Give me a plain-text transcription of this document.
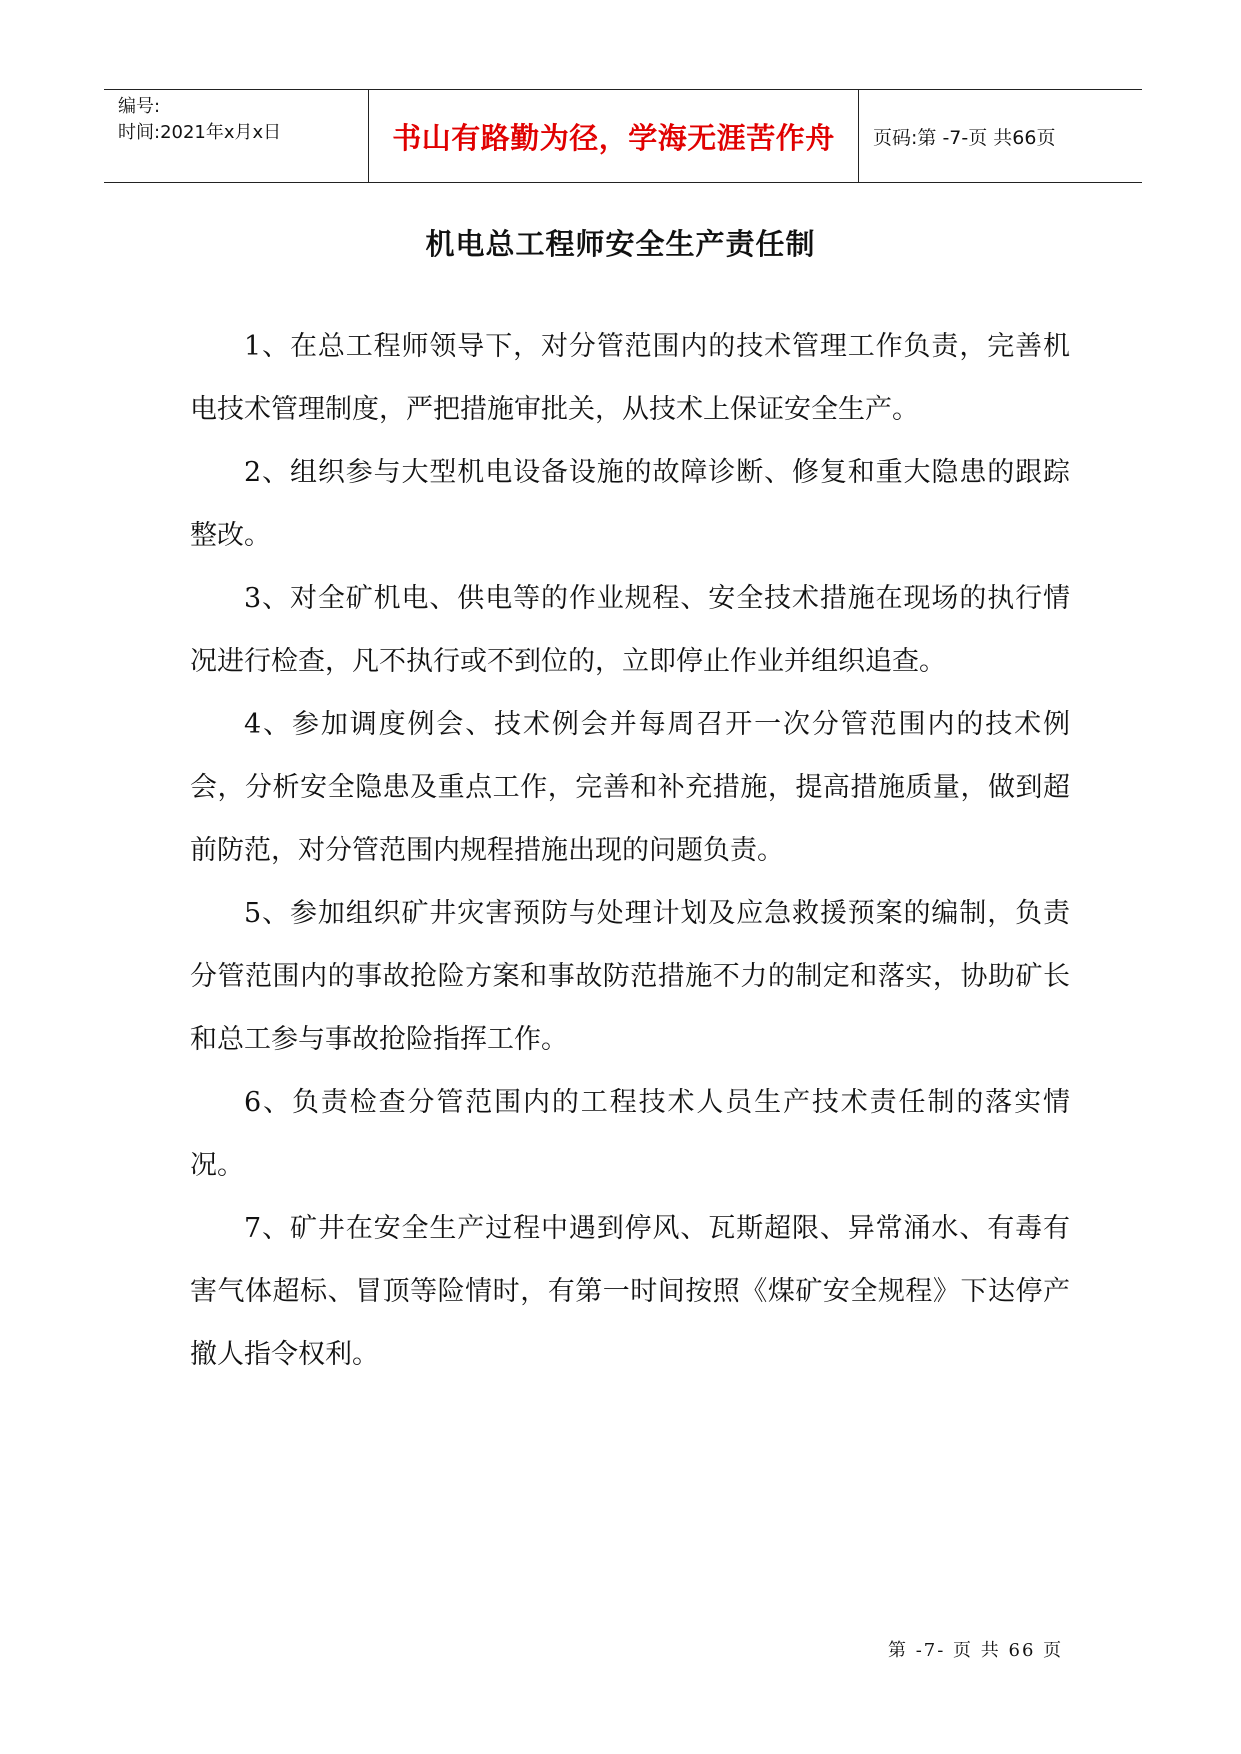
编号:
时间:2021年x月x日	书山有路勤为径，学海无涯苦作舟 页码:第 -7-页 共66页
机电总工程师安全生产责任制

1、在总工程师领导下，对分管范围内的技术管理工作负责，完善机电技术管理制度，严把措施审批关，从技术上保证安全生产。

2、组织参与大型机电设备设施的故障诊断、修复和重大隐患的跟踪整改。

3、对全矿机电、供电等的作业规程、安全技术措施在现场的执行情况进行检查，凡不执行或不到位的，立即停止作业并组织追查。

4、参加调度例会、技术例会并每周召开一次分管范围内的技术例会，分析安全隐患及重点工作，完善和补充措施，提高措施质量，做到超前防范，对分管范围内规程措施出现的问题负责。

5、参加组织矿井灾害预防与处理计划及应急救援预案的编制，负责分管范围内的事故抢险方案和事故防范措施不力的制定和落实，协助矿长和总工参与事故抢险指挥工作。

6、负责检查分管范围内的工程技术人员生产技术责任制的落实情况。

7、矿井在安全生产过程中遇到停风、瓦斯超限、异常涌水、有毒有害气体超标、冒顶等险情时，有第一时间按照《煤矿安全规程》下达停产撤人指令权利。

第 -7- 页 共 66 页
